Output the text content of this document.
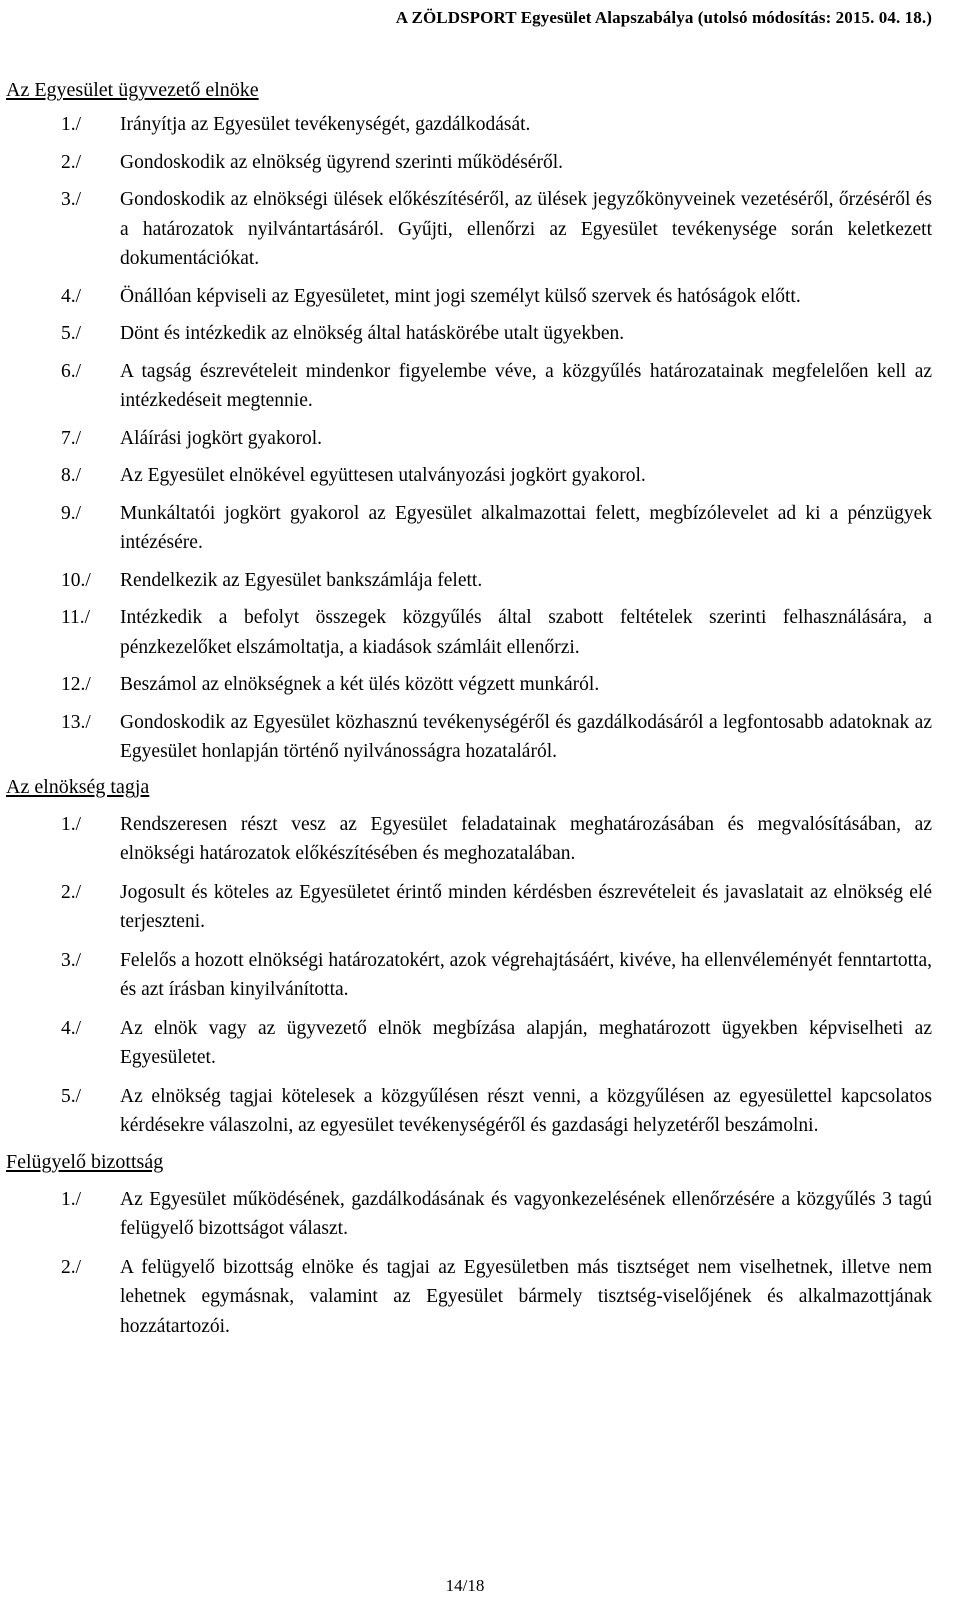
A ZÖLDSPORT Egyesület Alapszabálya (utolsó módosítás: 2015. 04. 18.)
Az Egyesület ügyvezető elnöke
1./ Irányítja az Egyesület tevékenységét, gazdálkodását.
2./ Gondoskodik az elnökség ügyrend szerinti működéséről.
3./ Gondoskodik az elnökségi ülések előkészítéséről, az ülések jegyzőkönyveinek vezetéséről, őrzéséről és a határozatok nyilvántartásáról. Gyűjti, ellenőrzi az Egyesület tevékenysége során keletkezett dokumentációkat.
4./ Önállóan képviseli az Egyesületet, mint jogi személyt külső szervek és hatóságok előtt.
5./ Dönt és intézkedik az elnökség által hatáskörébe utalt ügyekben.
6./ A tagság észrevételeit mindenkor figyelembe véve, a közgyűlés határozatainak megfelelően kell az intézkedéseit megtennie.
7./ Aláírási jogkört gyakorol.
8./ Az Egyesület elnökével együttesen utalványozási jogkört gyakorol.
9./ Munkáltatói jogkört gyakorol az Egyesület alkalmazottai felett, megbízólevelet ad ki a pénzügyek intézésére.
10./ Rendelkezik az Egyesület bankszámlája felett.
11./ Intézkedik a befolyt összegek közgyűlés által szabott feltételek szerinti felhasználására, a pénzkezelőket elszámoltatja, a kiadások számláit ellenőrzi.
12./ Beszámol az elnökségnek a két ülés között végzett munkáról.
13./ Gondoskodik az Egyesület közhasznú tevékenységéről és gazdálkodásáról a legfontosabb adatoknak az Egyesület honlapján történő nyilvánosságra hozataláról.
Az elnökség tagja
1./ Rendszeresen részt vesz az Egyesület feladatainak meghatározásában és megvalósításában, az elnökségi határozatok előkészítésében és meghozatalában.
2./ Jogosult és köteles az Egyesületet érintő minden kérdésben észrevételeit és javaslatait az elnökség elé terjeszteni.
3./ Felelős a hozott elnökségi határozatokért, azok végrehajtásáért, kivéve, ha ellenvéleményét fenntartotta, és azt írásban kinyilvánította.
4./ Az elnök vagy az ügyvezető elnök megbízása alapján, meghatározott ügyekben képviselheti az Egyesületet.
5./ Az elnökség tagjai kötelesek a közgyűlésen részt venni, a közgyűlésen az egyesülettel kapcsolatos kérdésekre válaszolni, az egyesület tevékenységéről és gazdasági helyzetéről beszámolni.
Felügyelő bizottság
1./ Az Egyesület működésének, gazdálkodásának és vagyonkezelésének ellenőrzésére a közgyűlés 3 tagú felügyelő bizottságot választ.
2./ A felügyelő bizottság elnöke és tagjai az Egyesületben más tisztséget nem viselhetnek, illetve nem lehetnek egymásnak, valamint az Egyesület bármely tisztség-viselőjének és alkalmazottjának hozzátartozói.
14/18
